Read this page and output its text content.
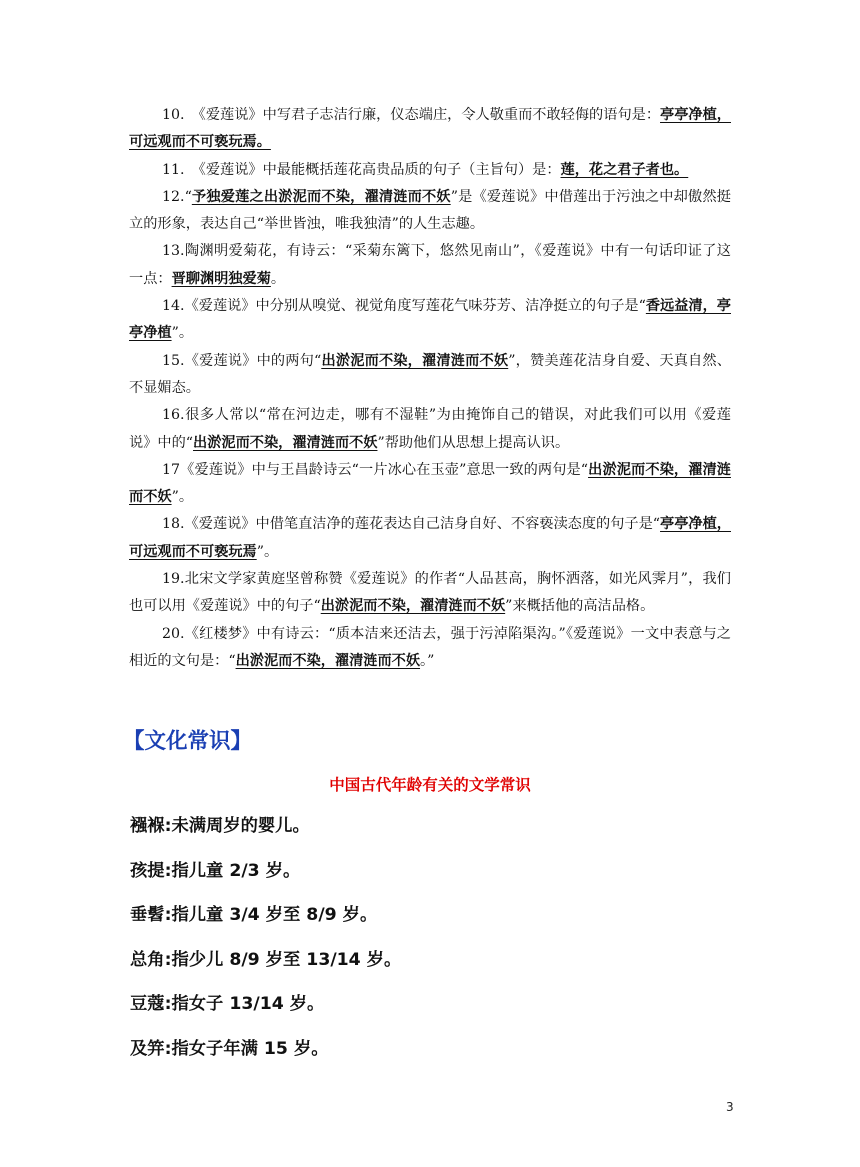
10.　《爱莲说》中写君子志洁行廉，仪态端庄，令人敬重而不敢轻侮的语句是：亭亭净植，可远观而不可亵玩焉。

11.　《爱莲说》中最能概括莲花高贵品质的句子（主旨句）是：莲，花之君子者也。

12.“予独爱莲之出淤泥而不染，濯清涟而不妖”是《爱莲说》中借莲出于污浊之中却傲然挺立的形象，表达自己“举世皆浊，唯我独清”的人生志趣。

13.陶渊明爱菊花，有诗云：“采菊东篱下，悠然见南山”，《爱莲说》中有一句话印证了这一点：晋聊渊明独爱菊。

14.《爱莲说》中分别从嗅觉、视觉角度写莲花气味芬芳、洁净挺立的句子是“香远益清，亭亭净植”。

15.《爱莲说》中的两句“出淤泥而不染，濯清涟而不妖”，赞美莲花洁身自爱、天真自然、不显媚态。

16.很多人常以“常在河边走，哪有不湿鞋”为由掩饰自己的错误，对此我们可以用《爱莲说》中的“出淤泥而不染，濯清涟而不妖”帮助他们从思想上提高认识。

17《爱莲说》中与王昌龄诗云“一片冰心在玉壶”意思一致的两句是“出淤泥而不染，濯清涟而不妖”。

18.《爱莲说》中借笔直洁净的莲花表达自己洁身自好、不容亵渎态度的句子是“亭亭净植，可远观而不可亵玩焉”。

19.北宋文学家黄庭坚曾称赞《爱莲说》的作者“人品甚高，胸怀洒落，如光风霁月”，我们也可以用《爱莲说》中的句子“出淤泥而不染，濯清涟而不妖”来概括他的高洁品格。

20.《红楼梦》中有诗云：“质本洁来还洁去，强于污淖陷渠沟。”《爱莲说》一文中表意与之相近的文句是：“出淤泥而不染，濯清涟而不妖。”

【文化常识】
中国古代年龄有关的文学常识
襁褓:未满周岁的婴儿。
孩提:指儿童 2/3 岁。
垂髫:指儿童 3/4 岁至 8/9 岁。
总角:指少儿 8/9 岁至 13/14 岁。
豆蔻:指女子 13/14 岁。
及笄:指女子年满 15 岁。
3
